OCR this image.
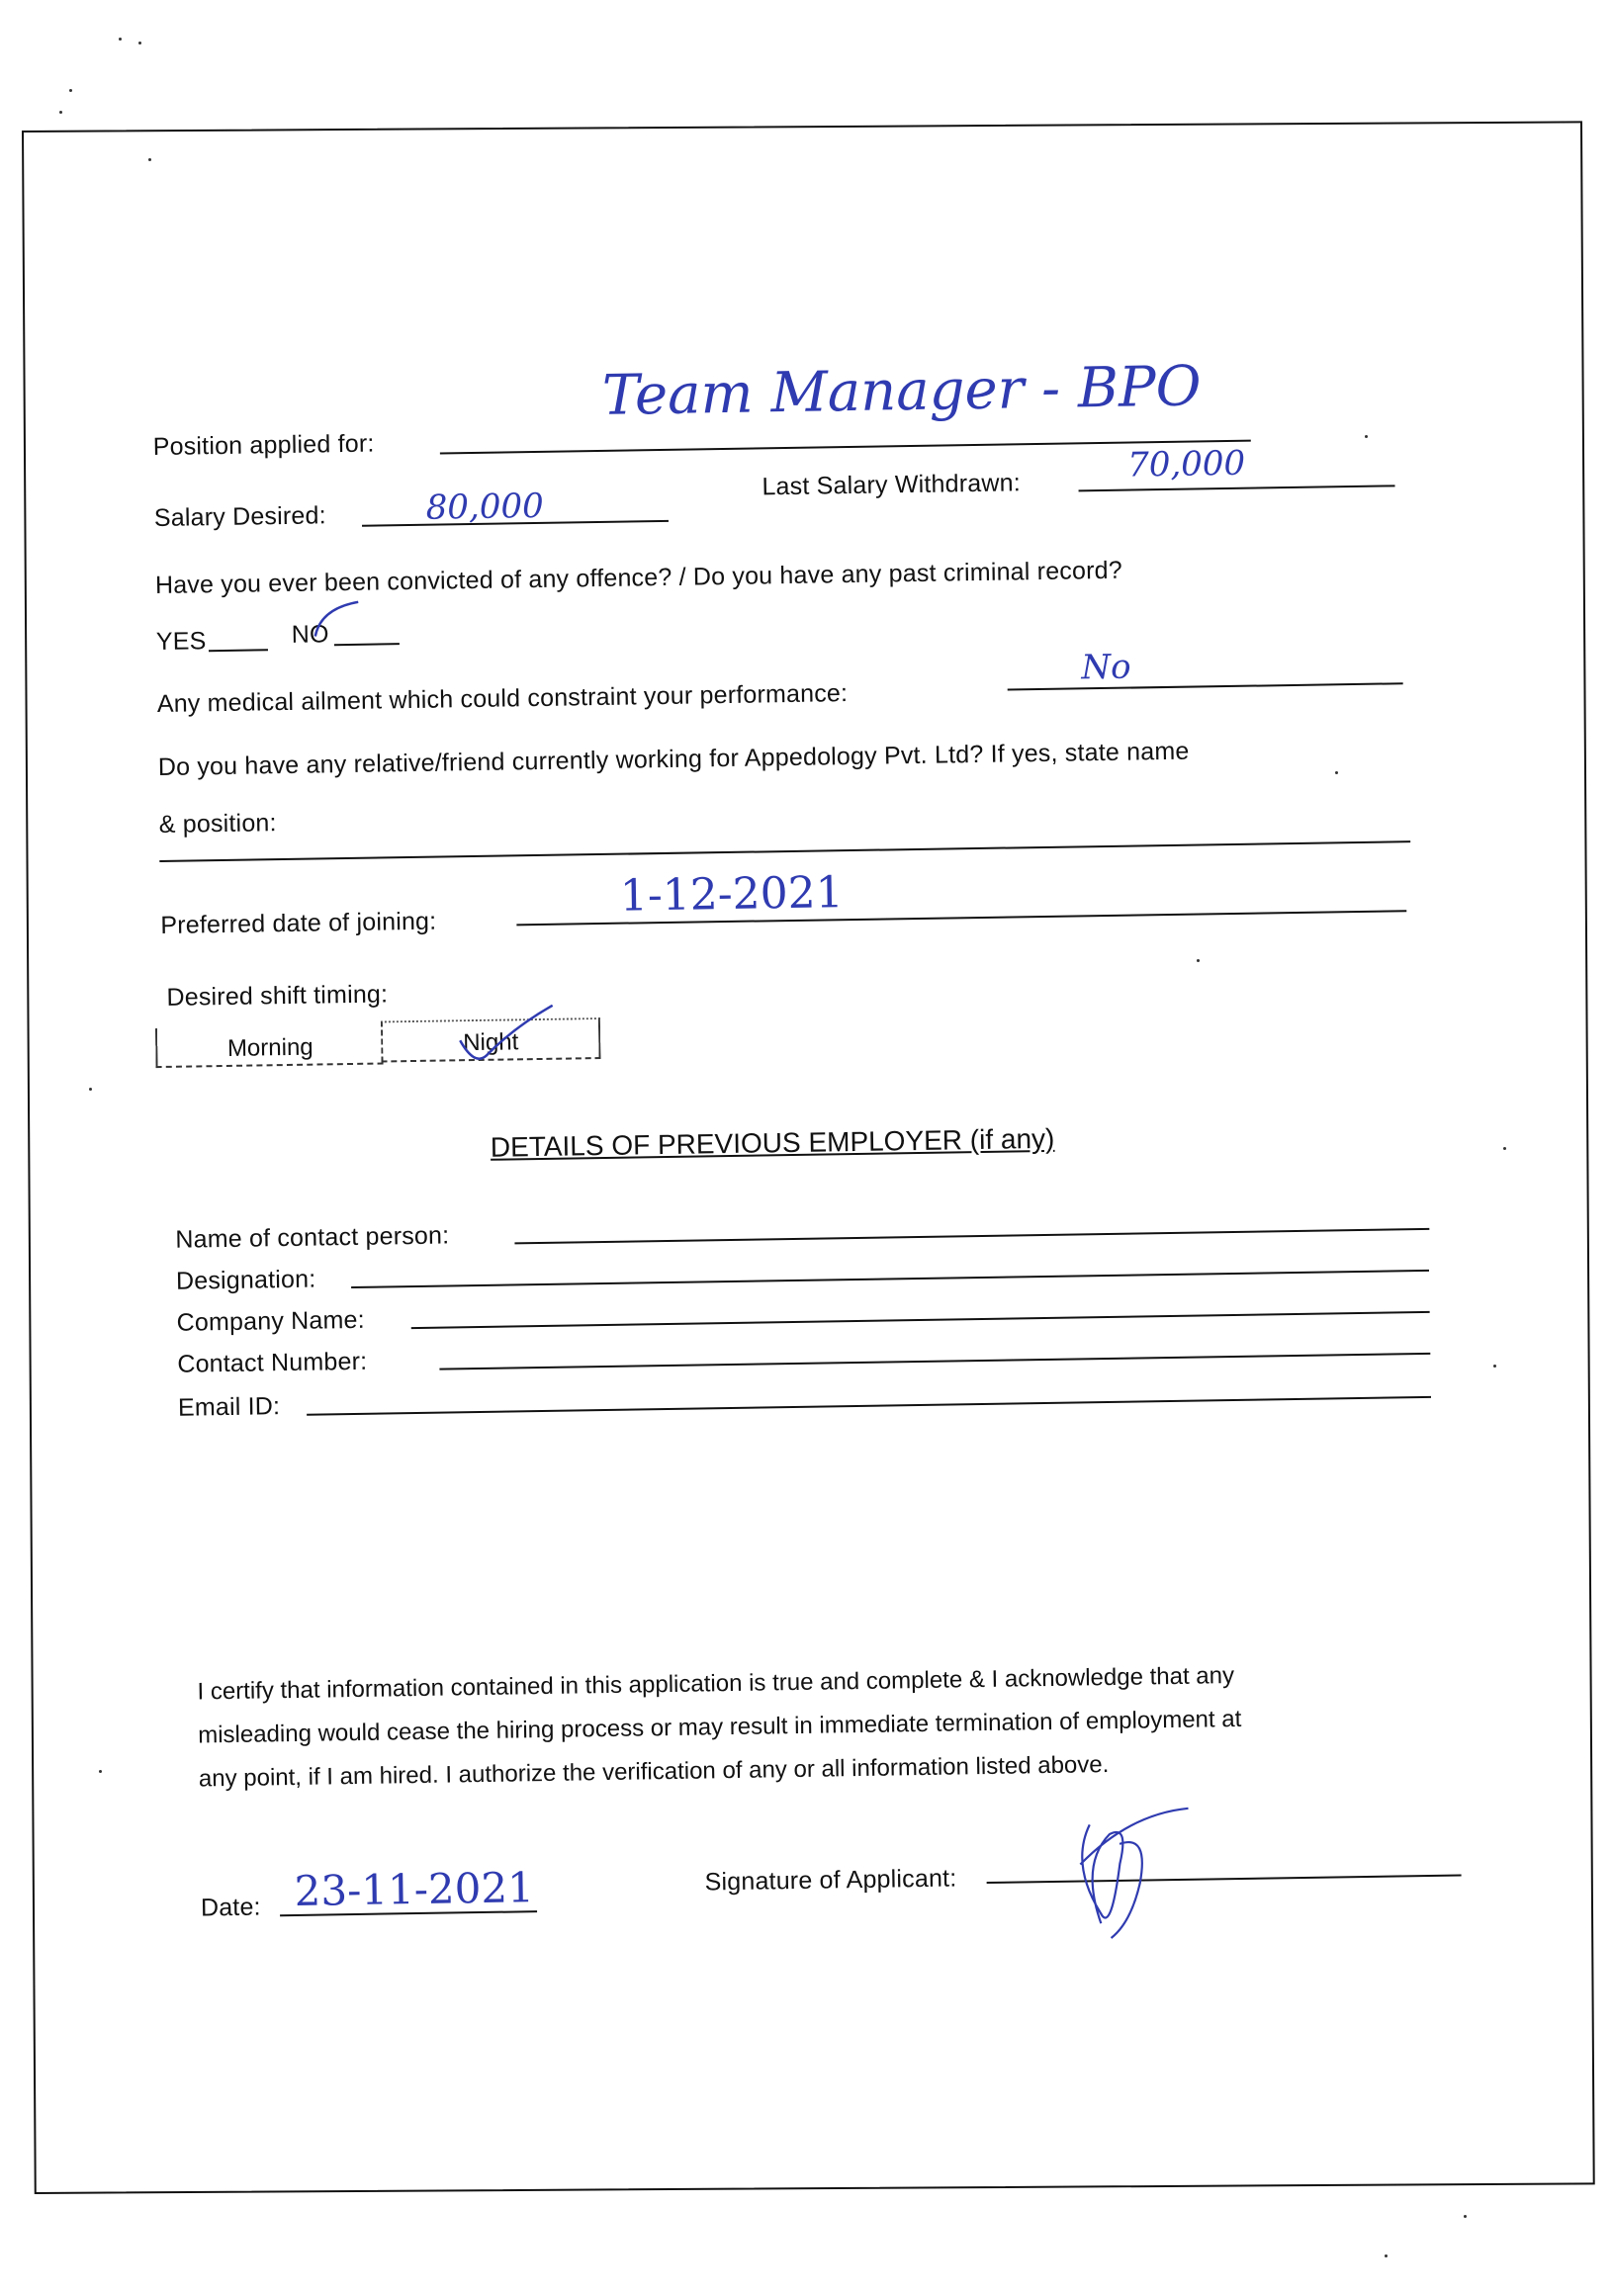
Position applied for:
Team Manager - BPO
Salary Desired:	80,000
Last Salary Withdrawn:	70,000
Have you ever been convicted of any offence? / Do you have any past criminal record?
YES	NO
Any medical ailment which could constraint your performance:
No
Do you have any relative/friend currently working for Appedology Pvt. Ltd? If yes, state name
& position:
Preferred date of joining:
1-12-2021
Desired shift timing:
Morning	Night
DETAILS OF PREVIOUS EMPLOYER (if any)
Name of contact person:
Designation:
Company Name:
Contact Number:
Email ID:
I certify that information contained in this application is true and complete & I acknowledge that any
misleading would cease the hiring process or may result in immediate termination of employment at
any point, if I am hired. I authorize the verification of any or all information listed above.
Date: 23-11-2021	Signature of Applicant:
